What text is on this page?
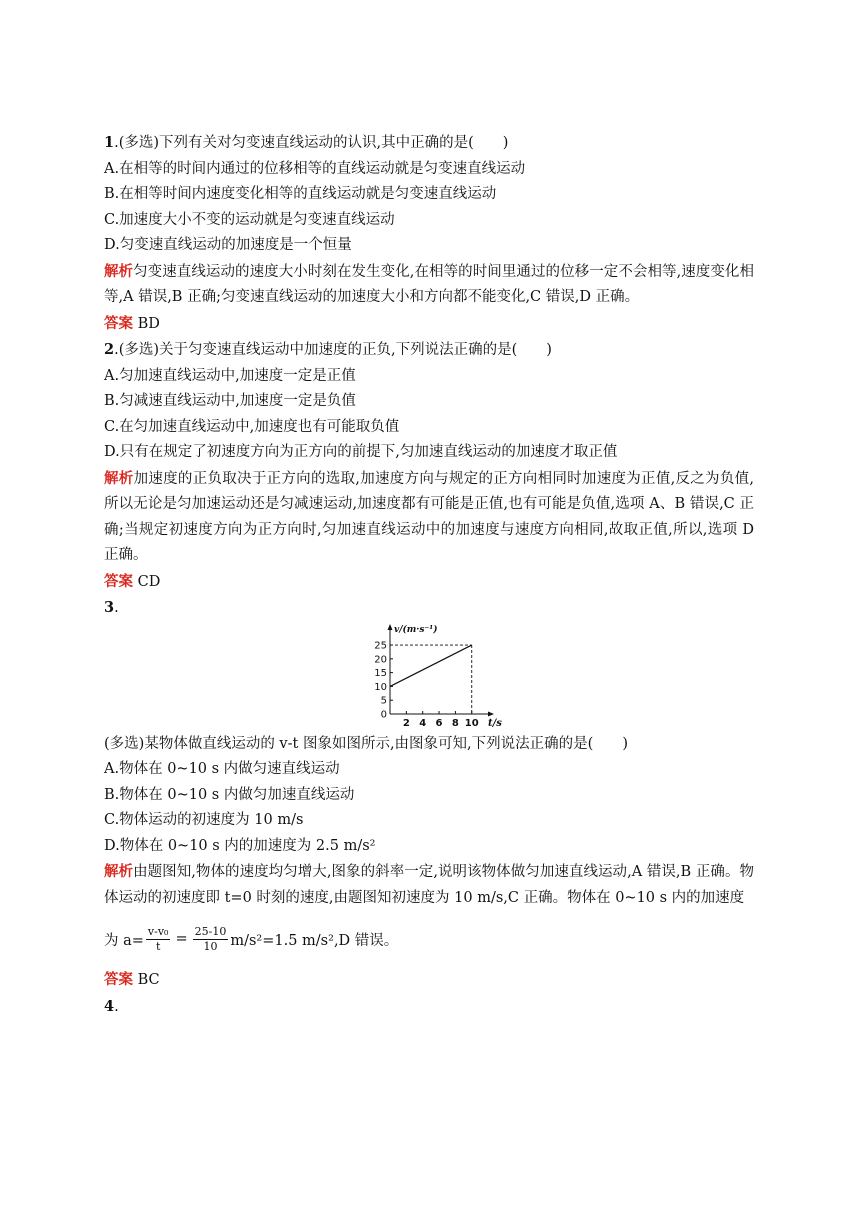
1.(多选)下列有关对匀变速直线运动的认识,其中正确的是(　　)
A.在相等的时间内通过的位移相等的直线运动就是匀变速直线运动
B.在相等时间内速度变化相等的直线运动就是匀变速直线运动
C.加速度大小不变的运动就是匀变速直线运动
D.匀变速直线运动的加速度是一个恒量
解析匀变速直线运动的速度大小时刻在发生变化,在相等的时间里通过的位移一定不会相等,速度变化相等,A 错误,B 正确;匀变速直线运动的加速度大小和方向都不能变化,C 错误,D 正确。
答案 BD
2.(多选)关于匀变速直线运动中加速度的正负,下列说法正确的是(　　)
A.匀加速直线运动中,加速度一定是正值
B.匀减速直线运动中,加速度一定是负值
C.在匀加速直线运动中,加速度也有可能取负值
D.只有在规定了初速度方向为正方向的前提下,匀加速直线运动的加速度才取正值
解析加速度的正负取决于正方向的选取,加速度方向与规定的正方向相同时加速度为正值,反之为负值,所以无论是匀加速运动还是匀减速运动,加速度都有可能是正值,也有可能是负值,选项 A、B 错误,C 正确;当规定初速度方向为正方向时,匀加速直线运动中的加速度与速度方向相同,故取正值,所以,选项 D 正确。
答案 CD
3.
0
5
10
15
20
25
2 4 6 8 10 t/s
v/(m·s⁻¹)
(多选)某物体做直线运动的 v-t 图象如图所示,由图象可知,下列说法正确的是(　　)
A.物体在 0~10 s 内做匀速直线运动
B.物体在 0~10 s 内做匀加速直线运动
C.物体运动的初速度为 10 m/s
D.物体在 0~10 s 内的加速度为 2.5 m/s²
解析由题图知,物体的速度均匀增大,图象的斜率一定,说明该物体做匀加速直线运动,A 错误,B 正确。物体运动的初速度即 t=0 时刻的速度,由题图知初速度为 10 m/s,C 正确。物体在 0~10 s 内的加速度
为 $a= \frac{\text{v-v₀}}{t} = \frac{25-10}{10} m/s^2=1.5$ m/s²,D 错误。
答案 BC
4.
